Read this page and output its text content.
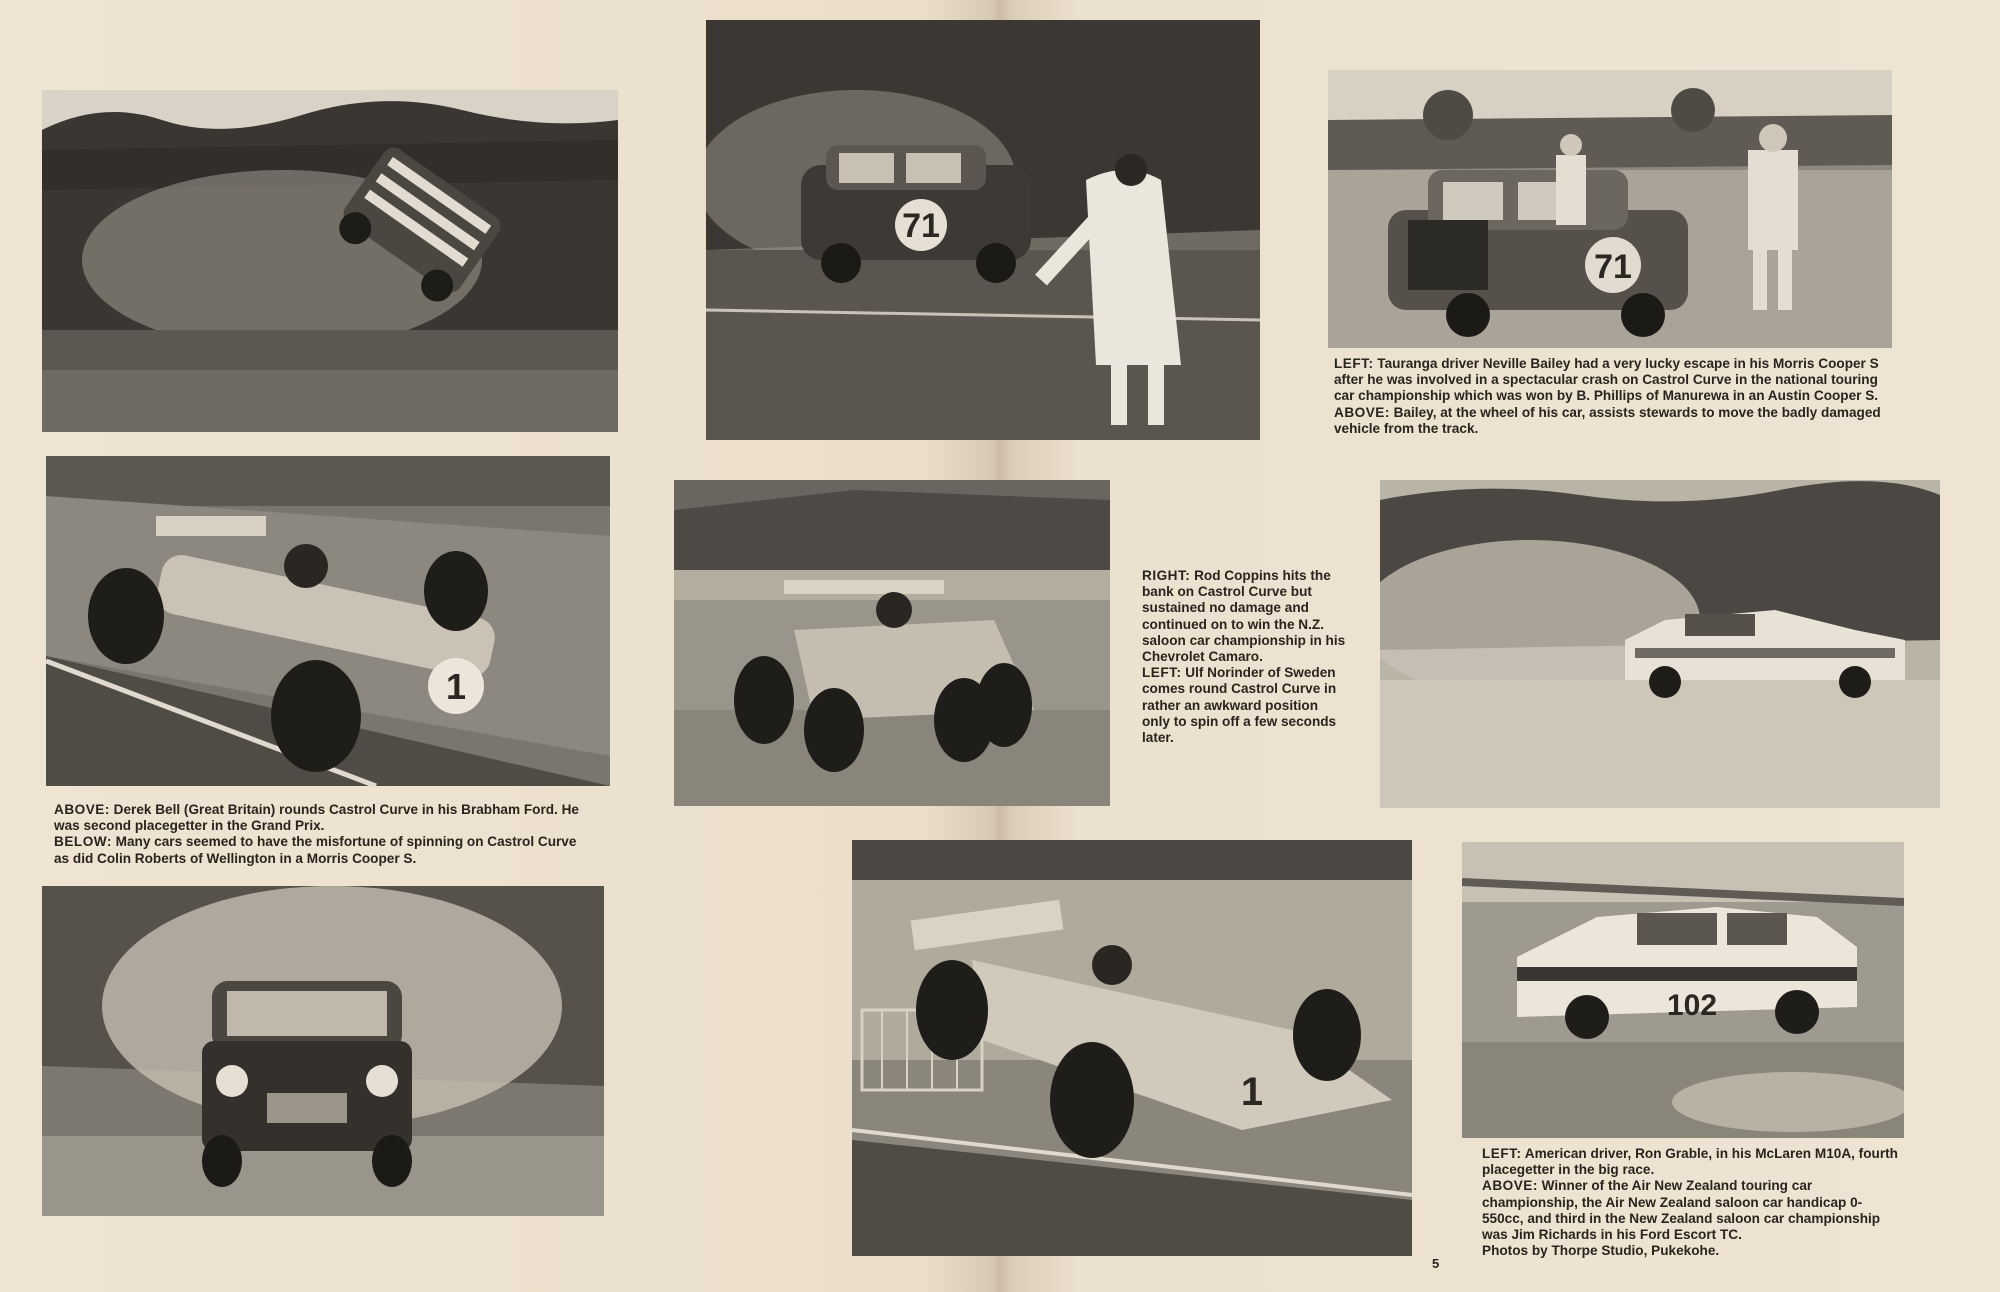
71
71
1
1
102

LEFT: Tauranga driver Neville Bailey had a very lucky escape in his Morris Cooper S after he was involved in a spectacular crash on Castrol Curve in the national touring car championship which was won by B. Phillips of Manurewa in an Austin Cooper S.

ABOVE: Bailey, at the wheel of his car, assists stewards to move the badly damaged vehicle from the track.

ABOVE: Derek Bell (Great Britain) rounds Castrol Curve in his Brabham Ford. He was second placegetter in the Grand Prix.

BELOW: Many cars seemed to have the misfortune of spinning on Castrol Curve as did Colin Roberts of Wellington in a Morris Cooper S.

RIGHT: Rod Coppins hits the bank on Castrol Curve but sustained no damage and continued on to win the N.Z. saloon car championship in his Chevrolet Camaro.

LEFT: Ulf Norinder of Sweden comes round Castrol Curve in rather an awkward position only to spin off a few seconds later.

LEFT: American driver, Ron Grable, in his McLaren M10A, fourth placegetter in the big race.

ABOVE: Winner of the Air New Zealand touring car championship, the Air New Zealand saloon car handicap 0-550cc, and third in the New Zealand saloon car championship was Jim Richards in his Ford Escort TC.

Photos by Thorpe Studio, Pukekohe.

5
